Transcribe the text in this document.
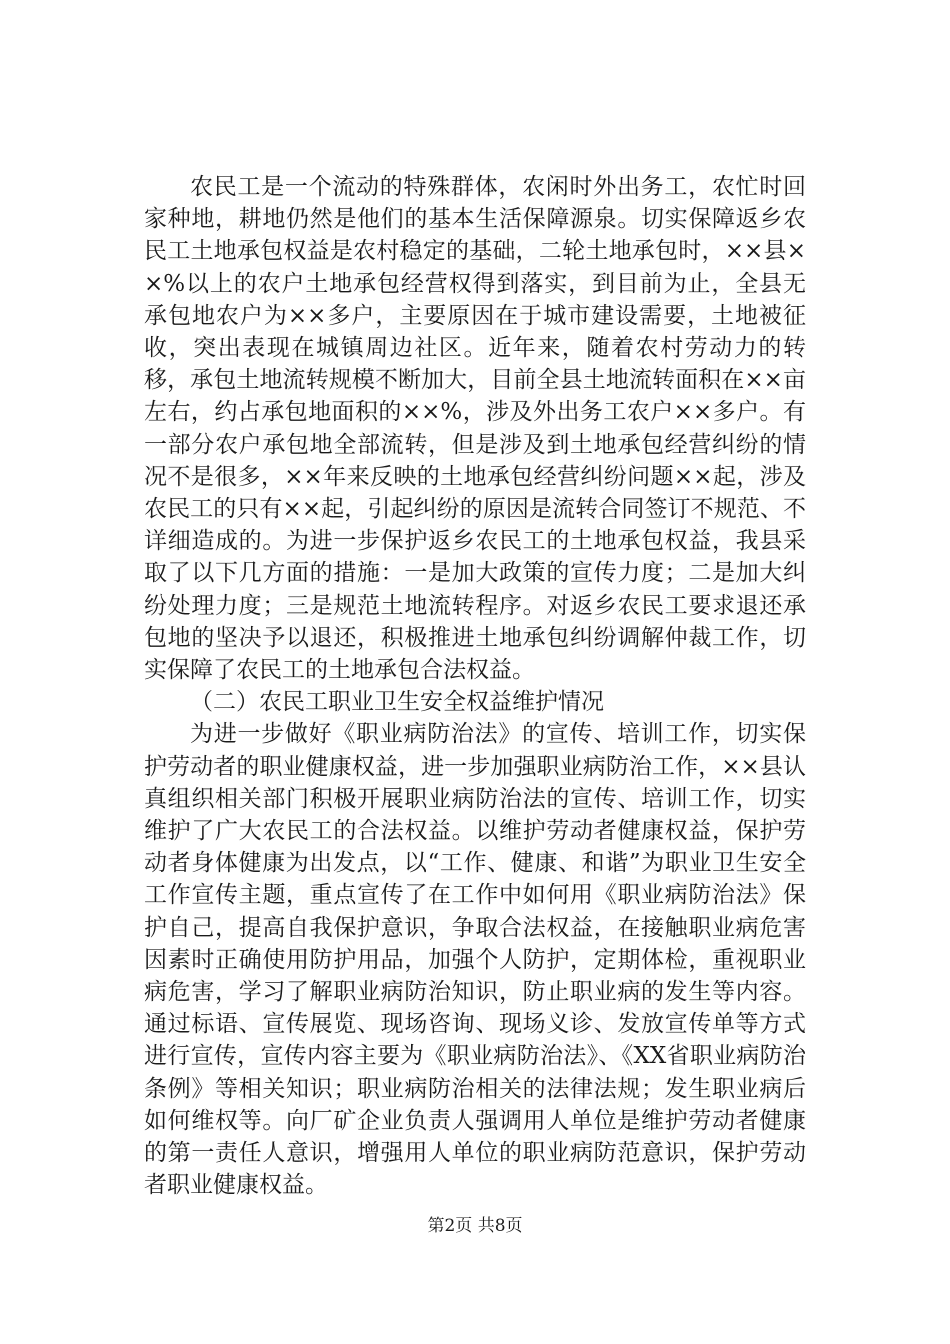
农民工是一个流动的特殊群体，农闲时外出务工，农忙时回家种地，耕地仍然是他们的基本生活保障源泉。切实保障返乡农民工土地承包权益是农村稳定的基础，二轮土地承包时，××县××%以上的农户土地承包经营权得到落实，到目前为止，全县无承包地农户为××多户，主要原因在于城市建设需要，土地被征收，突出表现在城镇周边社区。近年来，随着农村劳动力的转移，承包土地流转规模不断加大，目前全县土地流转面积在××亩左右，约占承包地面积的××%，涉及外出务工农户××多户。有一部分农户承包地全部流转，但是涉及到土地承包经营纠纷的情况不是很多，××年来反映的土地承包经营纠纷问题××起，涉及农民工的只有××起，引起纠纷的原因是流转合同签订不规范、不详细造成的。为进一步保护返乡农民工的土地承包权益，我县采取了以下几方面的措施：一是加大政策的宣传力度；二是加大纠纷处理力度；三是规范土地流转程序。对返乡农民工要求退还承包地的坚决予以退还，积极推进土地承包纠纷调解仲裁工作，切实保障了农民工的土地承包合法权益。

（二）农民工职业卫生安全权益维护情况

为进一步做好《职业病防治法》的宣传、培训工作，切实保护劳动者的职业健康权益，进一步加强职业病防治工作，××县认真组织相关部门积极开展职业病防治法的宣传、培训工作，切实维护了广大农民工的合法权益。以维护劳动者健康权益，保护劳动者身体健康为出发点，以“工作、健康、和谐”为职业卫生安全工作宣传主题，重点宣传了在工作中如何用《职业病防治法》保护自己，提高自我保护意识，争取合法权益，在接触职业病危害因素时正确使用防护用品，加强个人防护，定期体检，重视职业病危害，学习了解职业病防治知识，防止职业病的发生等内容。通过标语、宣传展览、现场咨询、现场义诊、发放宣传单等方式进行宣传，宣传内容主要为《职业病防治法》、《XX省职业病防治条例》等相关知识；职业病防治相关的法律法规；发生职业病后如何维权等。向厂矿企业负责人强调用人单位是维护劳动者健康的第一责任人意识，增强用人单位的职业病防范意识，保护劳动者职业健康权益。

第2页 共8页
